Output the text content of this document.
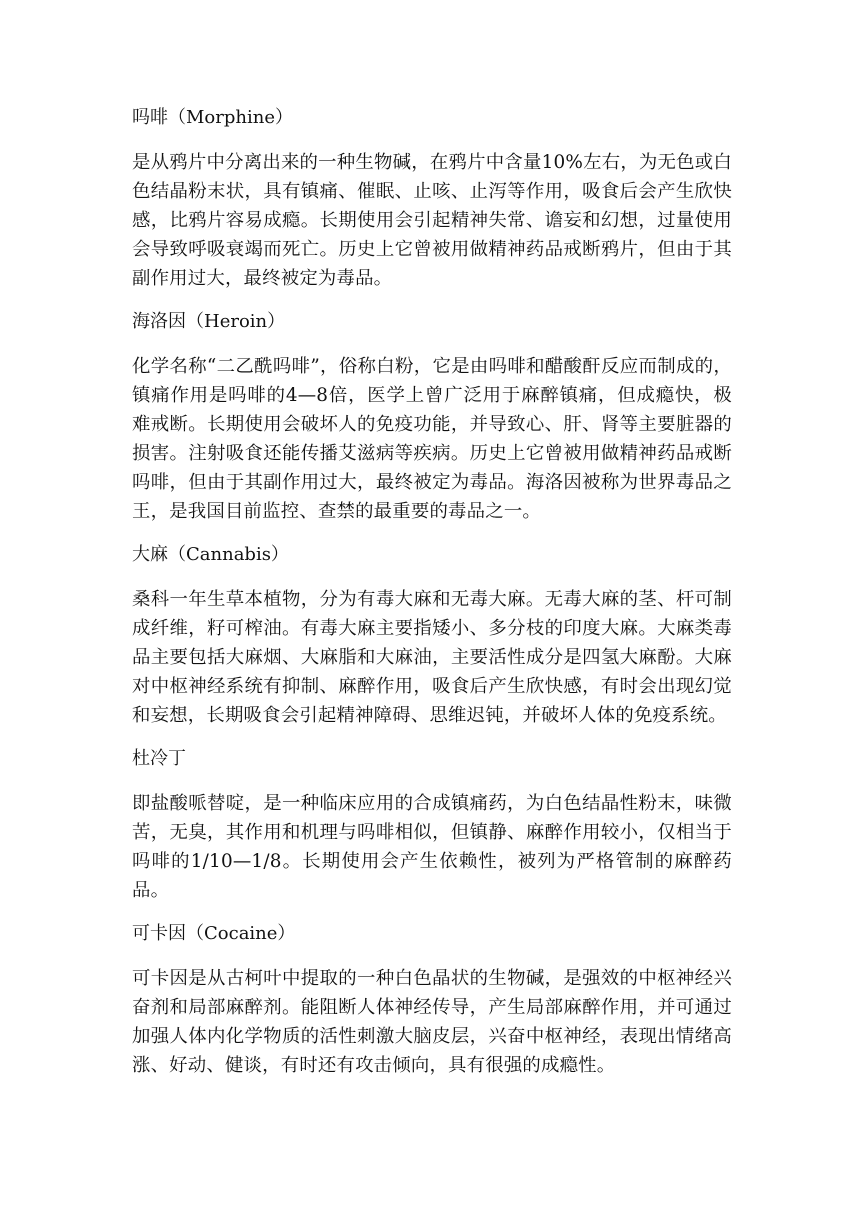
吗啡（Morphine）

是从鸦片中分离出来的一种生物碱，在鸦片中含量10%左右，为无色或白色结晶粉末状，具有镇痛、催眠、止咳、止泻等作用，吸食后会产生欣快感，比鸦片容易成瘾。长期使用会引起精神失常、谵妄和幻想，过量使用会导致呼吸衰竭而死亡。历史上它曾被用做精神药品戒断鸦片，但由于其副作用过大，最终被定为毒品。

海洛因（Heroin）

化学名称“二乙酰吗啡”，俗称白粉，它是由吗啡和醋酸酐反应而制成的，镇痛作用是吗啡的4—8倍，医学上曾广泛用于麻醉镇痛，但成瘾快，极难戒断。长期使用会破坏人的免疫功能，并导致心、肝、肾等主要脏器的损害。注射吸食还能传播艾滋病等疾病。历史上它曾被用做精神药品戒断吗啡，但由于其副作用过大，最终被定为毒品。海洛因被称为世界毒品之王，是我国目前监控、查禁的最重要的毒品之一。

大麻（Cannabis）

桑科一年生草本植物，分为有毒大麻和无毒大麻。无毒大麻的茎、杆可制成纤维，籽可榨油。有毒大麻主要指矮小、多分枝的印度大麻。大麻类毒品主要包括大麻烟、大麻脂和大麻油，主要活性成分是四氢大麻酚。大麻对中枢神经系统有抑制、麻醉作用，吸食后产生欣快感，有时会出现幻觉和妄想，长期吸食会引起精神障碍、思维迟钝，并破坏人体的免疫系统。

杜冷丁

即盐酸哌替啶，是一种临床应用的合成镇痛药，为白色结晶性粉末，味微苦，无臭，其作用和机理与吗啡相似，但镇静、麻醉作用较小，仅相当于吗啡的1/10—1/8。长期使用会产生依赖性，被列为严格管制的麻醉药品。

可卡因（Cocaine）

可卡因是从古柯叶中提取的一种白色晶状的生物碱，是强效的中枢神经兴奋剂和局部麻醉剂。能阻断人体神经传导，产生局部麻醉作用，并可通过加强人体内化学物质的活性刺激大脑皮层，兴奋中枢神经，表现出情绪高涨、好动、健谈，有时还有攻击倾向，具有很强的成瘾性。
